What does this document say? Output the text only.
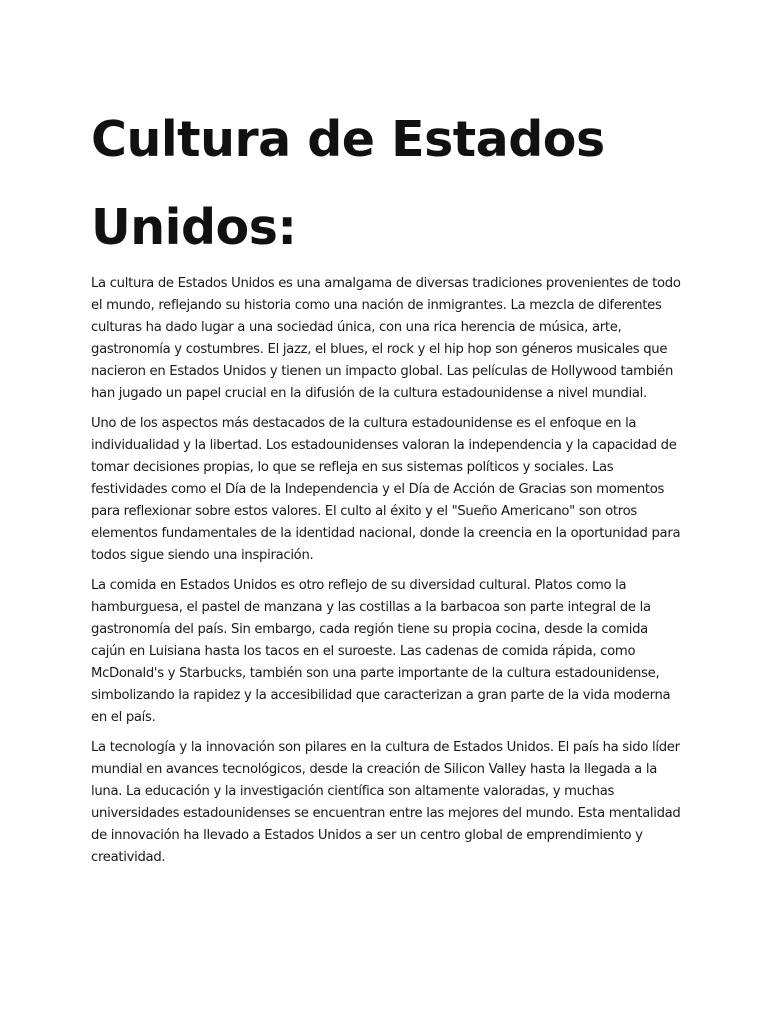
Cultura de Estados Unidos:

La cultura de Estados Unidos es una amalgama de diversas tradiciones provenientes de todo el mundo, reflejando su historia como una nación de inmigrantes. La mezcla de diferentes culturas ha dado lugar a una sociedad única, con una rica herencia de música, arte, gastronomía y costumbres. El jazz, el blues, el rock y el hip hop son géneros musicales que nacieron en Estados Unidos y tienen un impacto global. Las películas de Hollywood también han jugado un papel crucial en la difusión de la cultura estadounidense a nivel mundial.

Uno de los aspectos más destacados de la cultura estadounidense es el enfoque en la individualidad y la libertad. Los estadounidenses valoran la independencia y la capacidad de tomar decisiones propias, lo que se refleja en sus sistemas políticos y sociales. Las festividades como el Día de la Independencia y el Día de Acción de Gracias son momentos para reflexionar sobre estos valores. El culto al éxito y el "Sueño Americano" son otros elementos fundamentales de la identidad nacional, donde la creencia en la oportunidad para todos sigue siendo una inspiración.

La comida en Estados Unidos es otro reflejo de su diversidad cultural. Platos como la hamburguesa, el pastel de manzana y las costillas a la barbacoa son parte integral de la gastronomía del país. Sin embargo, cada región tiene su propia cocina, desde la comida cajún en Luisiana hasta los tacos en el suroeste. Las cadenas de comida rápida, como McDonald's y Starbucks, también son una parte importante de la cultura estadounidense, simbolizando la rapidez y la accesibilidad que caracterizan a gran parte de la vida moderna en el país.

La tecnología y la innovación son pilares en la cultura de Estados Unidos. El país ha sido líder mundial en avances tecnológicos, desde la creación de Silicon Valley hasta la llegada a la luna. La educación y la investigación científica son altamente valoradas, y muchas universidades estadounidenses se encuentran entre las mejores del mundo. Esta mentalidad de innovación ha llevado a Estados Unidos a ser un centro global de emprendimiento y creatividad.
